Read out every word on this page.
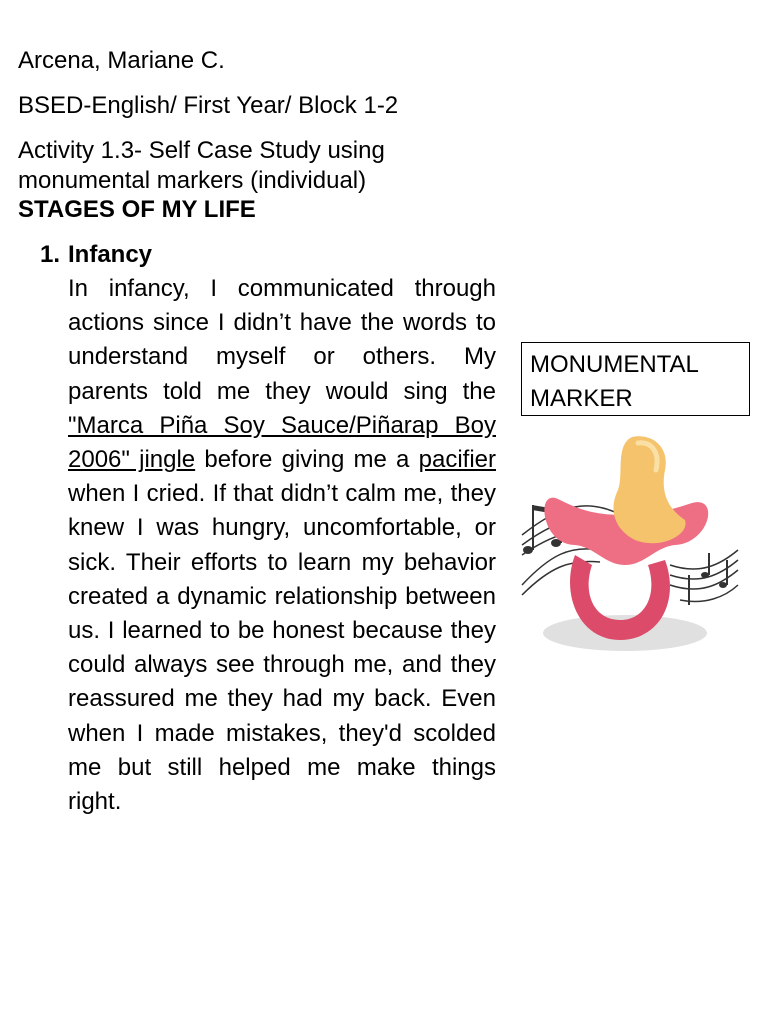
Arcena, Mariane C.
BSED-English/ First Year/ Block 1-2
Activity 1.3- Self Case Study using monumental markers (individual)
STAGES OF MY LIFE
1. Infancy

In infancy, I communicated through actions since I didn’t have the words to understand myself or others. My parents told me they would sing the "Marca Piña Soy Sauce/Piñarap Boy 2006" jingle before giving me a pacifier when I cried. If that didn’t calm me, they knew I was hungry, uncomfortable, or sick. Their efforts to learn my behavior created a dynamic relationship between us. I learned to be honest because they could always see through me, and they reassured me they had my back. Even when I made mistakes, they'd scolded me but still helped me make things right.

MONUMENTAL MARKER
